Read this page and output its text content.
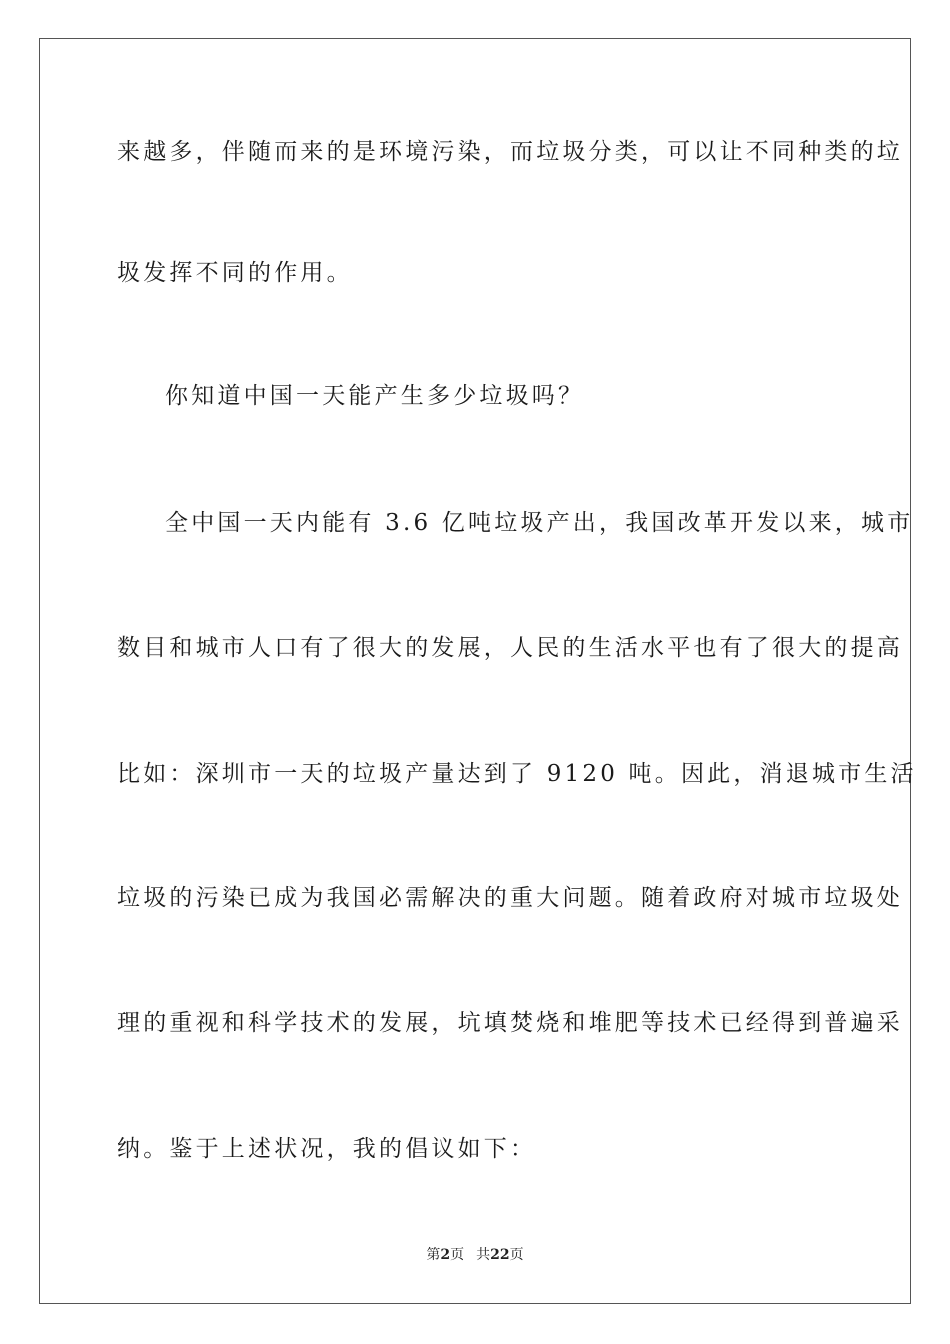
来越多，伴随而来的是环境污染，而垃圾分类，可以让不同种类的垃
圾发挥不同的作用。
你知道中国一天能产生多少垃圾吗？
全中国一天内能有 3.6 亿吨垃圾产出，我国改革开发以来，城市
数目和城市人口有了很大的发展，人民的生活水平也有了很大的提高
比如：深圳市一天的垃圾产量达到了 9120 吨。因此，消退城市生活
垃圾的污染已成为我国必需解决的重大问题。随着政府对城市垃圾处
理的重视和科学技术的发展，坑填焚烧和堆肥等技术已经得到普遍采
纳。鉴于上述状况，我的倡议如下：
第2页 共22页
